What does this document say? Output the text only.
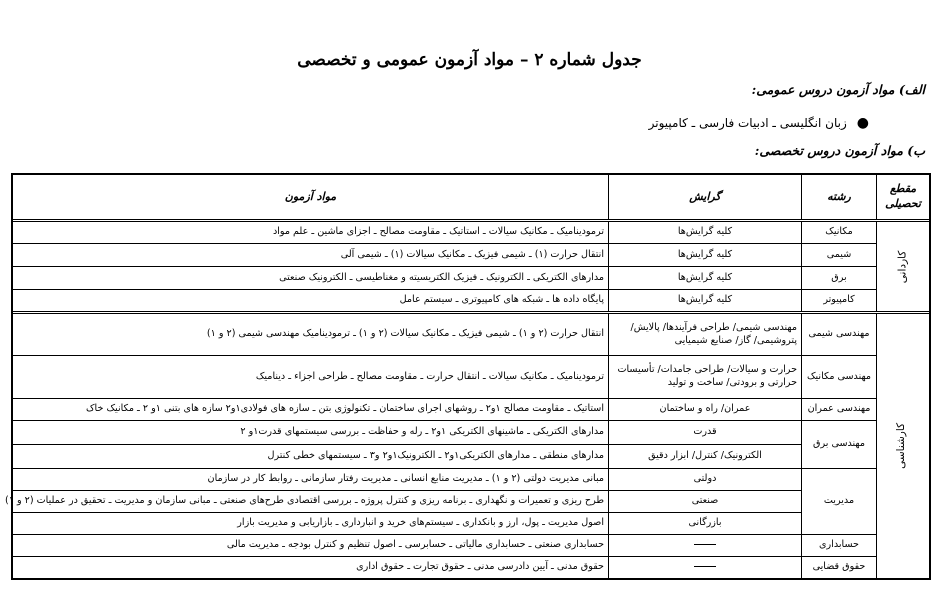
جدول شماره ۲ – مواد آزمون عمومی و تخصصی
الف) مواد آزمون دروس عمومی:
●
زبان انگلیسی ـ ادبیات فارسی ـ کامپیوتر
ب) مواد آزمون دروس تخصصی:
مقطع تحصیلی	رشته	گرایش	مواد آزمون
کاردانی	مکانیک	کلیه گرایش‌ها	ترمودینامیک ـ مکانیک سیالات ـ استاتیک ـ مقاومت مصالح ـ اجزای ماشین ـ علم مواد
	شیمی	کلیه گرایش‌ها	انتقال حرارت (۱) ـ شیمی فیزیک ـ مکانیک سیالات (۱) ـ شیمی آلی
	برق	کلیه گرایش‌ها	مدارهای الکتریکی ـ الکترونیک ـ فیزیک الکتریسیته و مغناطیسی ـ الکترونیک صنعتی
	کامپیوتر	کلیه گرایش‌ها	پایگاه داده ها ـ شبکه های کامپیوتری ـ سیستم عامل
کارشناسی	مهندسی شیمی	مهندسی شیمی/ طراحی فرآیندها/ پالایش/ پتروشیمی/ گاز/ صنایع شیمیایی	انتقال حرارت (۲ و ۱) ـ شیمی فیزیک ـ مکانیک سیالات (۲ و ۱) ـ ترمودینامیک مهندسی شیمی (۲ و ۱)
	مهندسی مکانیک	حرارت و سیالات/ طراحی جامدات/ تأسیسات حرارتی و برودتی/ ساخت و تولید	ترمودینامیک ـ مکانیک سیالات ـ انتقال حرارت ـ مقاومت مصالح ـ طراحی اجزاء ـ دینامیک
	مهندسی عمران	عمران/ راه و ساختمان	استاتیک ـ مقاومت مصالح ۱و۲ ـ روشهای اجرای ساختمان ـ تکنولوژی بتن ـ سازه های فولادی۱و۲ سازه های بتنی ۱و ۲ ـ مکانیک خاک
	مهندسی برق	قدرت	مدارهای الکتریکی ـ ماشینهای الکتریکی ۱و۲ ـ رله و حفاظت ـ بررسی سیستمهای قدرت۱و ۲
		الکترونیک/ کنترل/ ابزار دقیق	مدارهای منطقی ـ مدارهای الکتریکی۱و۲ ـ الکترونیک۱و۲ و۳ ـ سیستمهای خطی کنترل
	مدیریت	دولتی	مبانی مدیریت دولتی (۲ و ۱) ـ مدیریت منابع انسانی ـ مدیریت رفتار سازمانی ـ روابط کار در سازمان
		صنعتی	طرح ریزی و تعمیرات و نگهداری ـ برنامه ریزی و کنترل پروژه ـ بررسی اقتصادی طرح‌های صنعتی ـ مبانی سازمان و مدیریت ـ تحقیق در عملیات (۲ و ۱)
		بازرگانی	اصول مدیریت ـ پول، ارز و بانکداری ـ سیستم‌های خرید و انبارداری ـ بازاریابی و مدیریت بازار
	حسابداری		حسابداری صنعتی ـ حسابداری مالیاتی ـ حسابرسی ـ اصول تنظیم و کنترل بودجه ـ مدیریت مالی
	حقوق قضایی		حقوق مدنی ـ آیین دادرسی مدنی ـ حقوق تجارت ـ حقوق اداری
